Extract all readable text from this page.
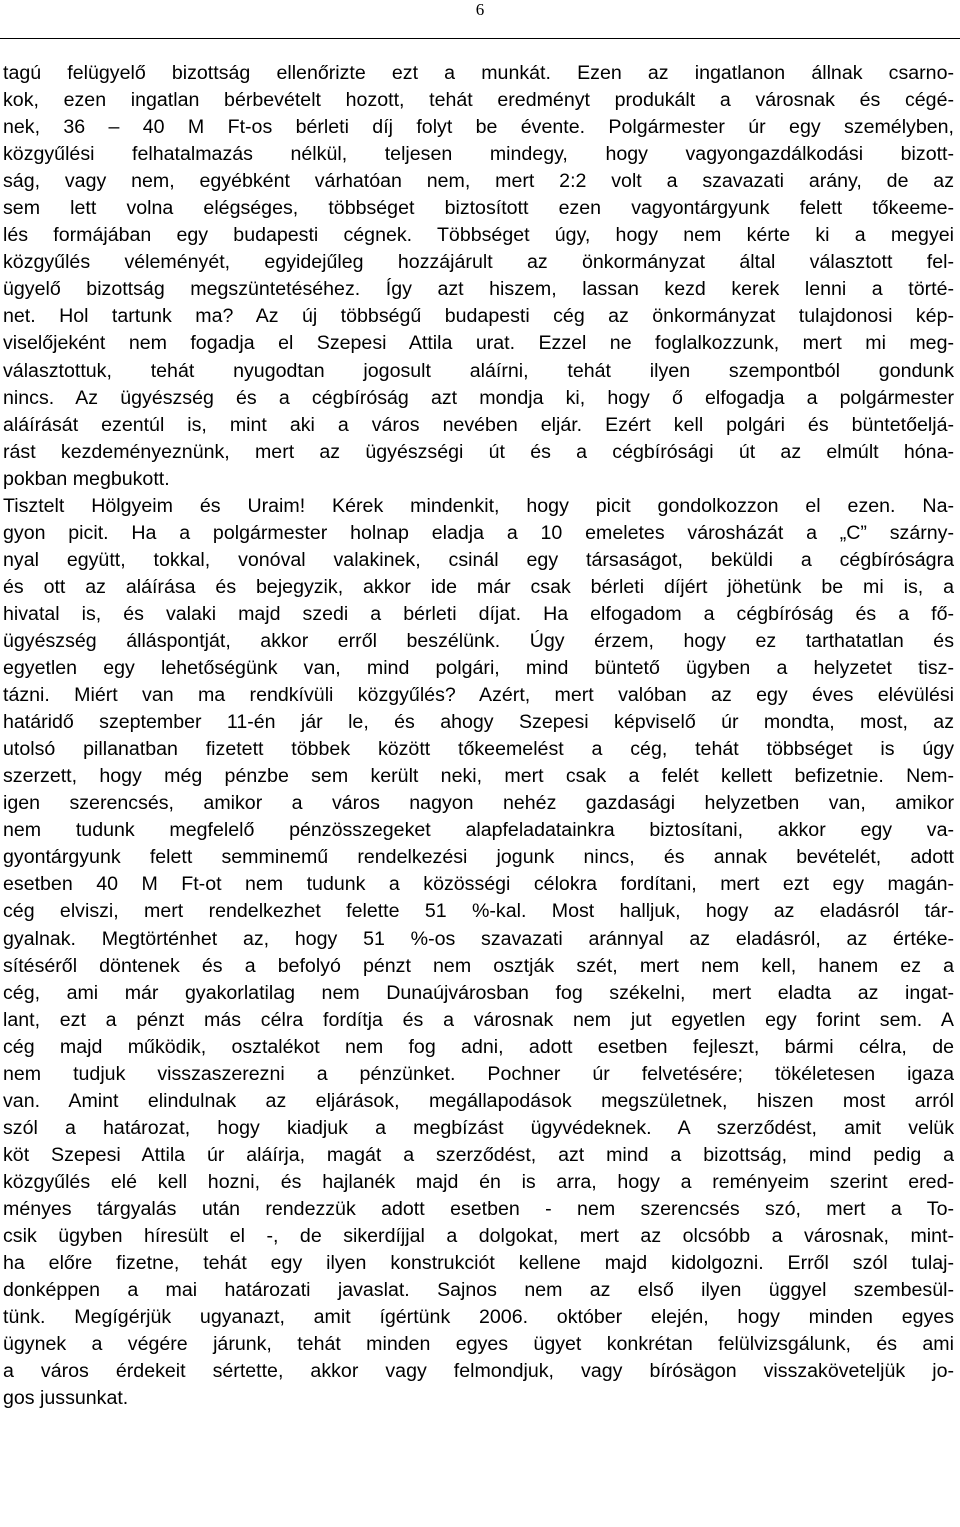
6
tagú felügyelő bizottság ellenőrizte ezt a munkát. Ezen az ingatlanon állnak csarno-
kok, ezen ingatlan bérbevételt hozott, tehát eredményt produkált a városnak és cégé-
nek, 36 – 40 M Ft-os bérleti díj folyt be évente. Polgármester úr egy személyben,
közgyűlési felhatalmazás nélkül, teljesen mindegy, hogy vagyongazdálkodási bizott-
ság, vagy nem, egyébként várhatóan nem, mert 2:2 volt a szavazati arány, de az
sem lett volna elégséges, többséget biztosított ezen vagyontárgyunk felett tőkeeme-
lés formájában egy budapesti cégnek. Többséget úgy, hogy nem kérte ki a megyei
közgyűlés véleményét, egyidejűleg hozzájárult az önkormányzat által választott fel-
ügyelő bizottság megszüntetéséhez. Így azt hiszem, lassan kezd kerek lenni a törté-
net. Hol tartunk ma? Az új többségű budapesti cég az önkormányzat tulajdonosi kép-
viselőjeként nem fogadja el Szepesi Attila urat. Ezzel ne foglalkozzunk, mert mi meg-
választottuk, tehát nyugodtan jogosult aláírni, tehát ilyen szempontból gondunk
nincs. Az ügyészség és a cégbíróság azt mondja ki, hogy ő elfogadja a polgármester
aláírását ezentúl is, mint aki a város nevében eljár. Ezért kell polgári és büntetőeljá-
rást kezdeményeznünk, mert az ügyészségi út és a cégbírósági út az elmúlt hóna-
pokban megbukott.
Tisztelt Hölgyeim és Uraim! Kérek mindenkit, hogy picit gondolkozzon el ezen. Na-
gyon picit. Ha a polgármester holnap eladja a 10 emeletes városházát a „C” szárny-
nyal együtt, tokkal, vonóval valakinek, csinál egy társaságot, beküldi a cégbíróságra
és ott az aláírása és bejegyzik, akkor ide már csak bérleti díjért jöhetünk be mi is, a
hivatal is, és valaki majd szedi a bérleti díjat. Ha elfogadom a cégbíróság és a fő-
ügyészség álláspontját, akkor erről beszélünk. Úgy érzem, hogy ez tarthatatlan és
egyetlen egy lehetőségünk van, mind polgári, mind büntető ügyben a helyzetet tisz-
tázni. Miért van ma rendkívüli közgyűlés? Azért, mert valóban az egy éves elévülési
határidő szeptember 11-én jár le, és ahogy Szepesi képviselő úr mondta, most, az
utolsó pillanatban fizetett többek között tőkeemelést a cég, tehát többséget is úgy
szerzett, hogy még pénzbe sem került neki, mert csak a felét kellett befizetnie. Nem-
igen szerencsés, amikor a város nagyon nehéz gazdasági helyzetben van, amikor
nem tudunk megfelelő pénzösszegeket alapfeladatainkra biztosítani, akkor egy va-
gyontárgyunk felett semminemű rendelkezési jogunk nincs, és annak bevételét, adott
esetben 40 M Ft-ot nem tudunk a közösségi célokra fordítani, mert ezt egy magán-
cég elviszi, mert rendelkezhet felette 51 %-kal. Most halljuk, hogy az eladásról tár-
gyalnak. Megtörténhet az, hogy 51 %-os szavazati aránnyal az eladásról, az értéke-
sítéséről döntenek és a befolyó pénzt nem osztják szét, mert nem kell, hanem ez a
cég, ami már gyakorlatilag nem Dunaújvárosban fog székelni, mert eladta az ingat-
lant, ezt a pénzt más célra fordítja és a városnak nem jut egyetlen egy forint sem. A
cég majd működik, osztalékot nem fog adni, adott esetben fejleszt, bármi célra, de
nem tudjuk visszaszerezni a pénzünket. Pochner úr felvetésére; tökéletesen igaza
van. Amint elindulnak az eljárások, megállapodások megszületnek, hiszen most arról
szól a határozat, hogy kiadjuk a megbízást ügyvédeknek. A szerződést, amit velük
köt Szepesi Attila úr aláírja, magát a szerződést, azt mind a bizottság, mind pedig a
közgyűlés elé kell hozni, és hajlanék majd én is arra, hogy a reményeim szerint ered-
ményes tárgyalás után rendezzük adott esetben - nem szerencsés szó, mert a To-
csik ügyben híresült el -, de sikerdíjjal a dolgokat, mert az olcsóbb a városnak, mint-
ha előre fizetne, tehát egy ilyen konstrukciót kellene majd kidolgozni. Erről szól tulaj-
donképpen a mai határozati javaslat. Sajnos nem az első ilyen üggyel szembesül-
tünk. Megígérjük ugyanazt, amit ígértünk 2006. október elején, hogy minden egyes
ügynek a végére járunk, tehát minden egyes ügyet konkrétan felülvizsgálunk, és ami
a város érdekeit sértette, akkor vagy felmondjuk, vagy bírósägon visszakövetelјük jo-
gos jussunkat.
